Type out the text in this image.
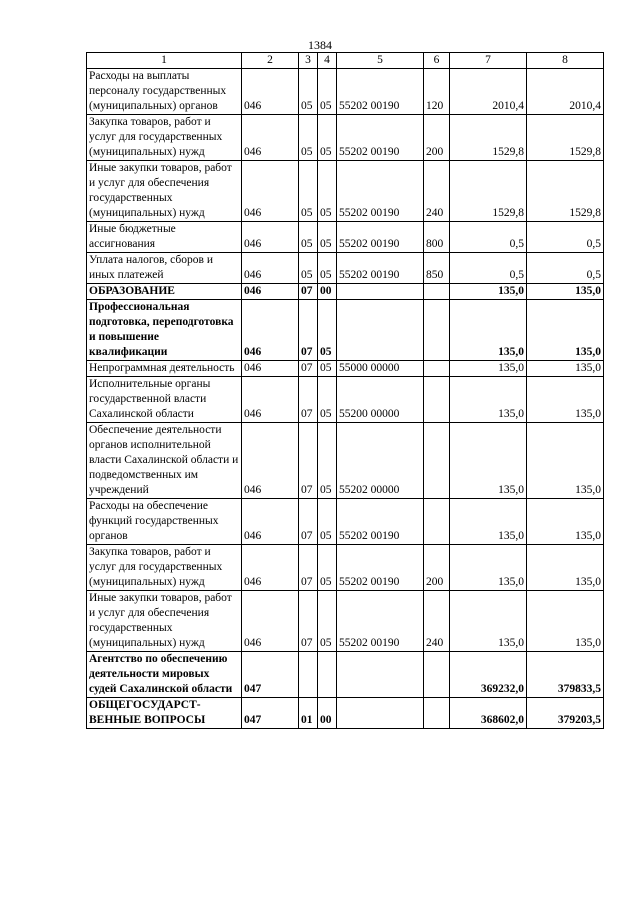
1384
1	2	3	4	5	6	7	8
Расходы на выплаты персоналу государственных (муниципальных) органов	046	05	05	55202 00190	120	2010,4	2010,4
Закупка товаров, работ и услуг для государственных (муниципальных) нужд	046	05	05	55202 00190	200	1529,8	1529,8
Иные закупки товаров, работ и услуг для обеспечения государственных (муниципальных) нужд	046	05	05	55202 00190	240	1529,8	1529,8
Иные бюджетные ассигнования	046	05	05	55202 00190	800	0,5	0,5
Уплата налогов, сборов и иных платежей	046	05	05	55202 00190	850	0,5	0,5
ОБРАЗОВАНИЕ	046	07	00			135,0	135,0
Профессиональная подготовка, переподготовка и повышение квалификации	046	07	05			135,0	135,0
Непрограммная деятельность	046	07	05	55000 00000		135,0	135,0
Исполнительные органы государственной власти Сахалинской области	046	07	05	55200 00000		135,0	135,0
Обеспечение деятельности органов исполнительной власти Сахалинской области и подведомственных им учреждений	046	07	05	55202 00000		135,0	135,0
Расходы на обеспечение функций государственных органов	046	07	05	55202 00190		135,0	135,0
Закупка товаров, работ и услуг для государственных (муниципальных) нужд	046	07	05	55202 00190	200	135,0	135,0
Иные закупки товаров, работ и услуг для обеспечения государственных (муниципальных) нужд	046	07	05	55202 00190	240	135,0	135,0
Агентство по обеспечению деятельности мировых судей Сахалинской области	047					369232,0	379833,5
ОБЩЕГОСУДАРСТ-ВЕННЫЕ ВОПРОСЫ	047	01	00			368602,0	379203,5
